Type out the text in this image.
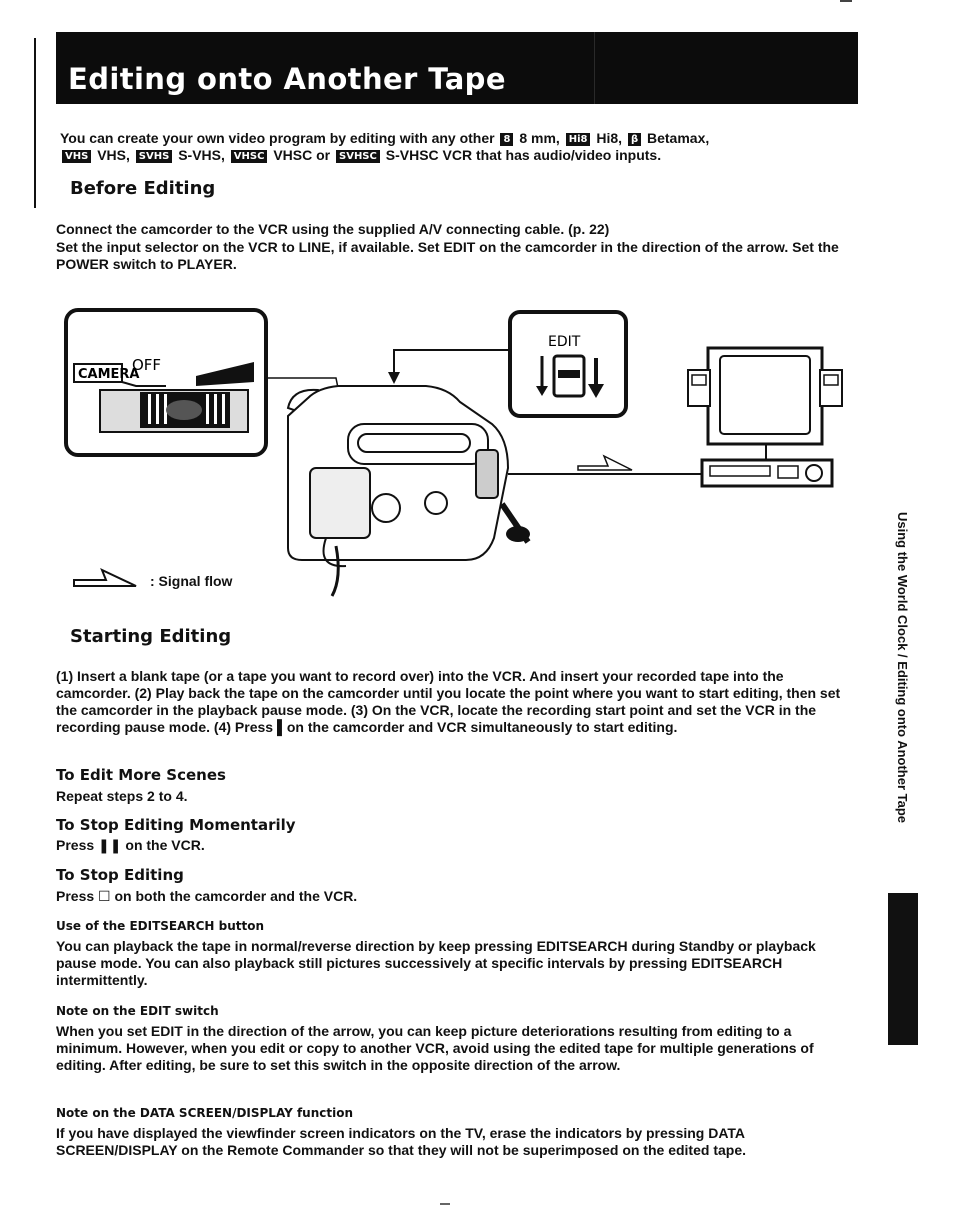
Editing onto Another Tape
You can create your own video program by editing with any other 8 8 mm, Hi8 Hi8, β Betamax,
VHS VHS, SVHS S-VHS, VHSC VHSC or SVHSC S-VHSC VCR that has audio/video inputs.
Before Editing
Connect the camcorder to the VCR using the supplied A/V connecting cable. (p. 22)
Set the input selector on the VCR to LINE, if available. Set EDIT on the camcorder in the direction of the arrow. Set the POWER switch to PLAYER.
CAMERA
OFF
EDIT
: Signal flow
Starting Editing
(1) Insert a blank tape (or a tape you want to record over) into the VCR. And insert your recorded tape into the camcorder. (2) Play back the tape on the camcorder until you locate the point where you want to start editing, then set the camcorder in the playback pause mode. (3) On the VCR, locate the recording start point and set the VCR in the recording pause mode. (4) Press ▌on the camcorder and VCR simultaneously to start editing.
To Edit More Scenes
Repeat steps 2 to 4.
To Stop Editing Momentarily
Press ❚❚ on the VCR.
To Stop Editing
Press ☐ on both the camcorder and the VCR.
Use of the EDITSEARCH button
You can playback the tape in normal/reverse direction by keep pressing EDITSEARCH during Standby or playback pause mode. You can also playback still pictures successively at specific intervals by pressing EDITSEARCH intermittently.
Note on the EDIT switch
When you set EDIT in the direction of the arrow, you can keep picture deteriorations resulting from editing to a minimum. However, when you edit or copy to another VCR, avoid using the edited tape for multiple generations of editing. After editing, be sure to set this switch in the opposite direction of the arrow.
Note on the DATA SCREEN/DISPLAY function
If you have displayed the viewfinder screen indicators on the TV, erase the indicators by pressing DATA SCREEN/DISPLAY on the Remote Commander so that they will not be superimposed on the edited tape.
Using the World Clock / Editing onto Another Tape
